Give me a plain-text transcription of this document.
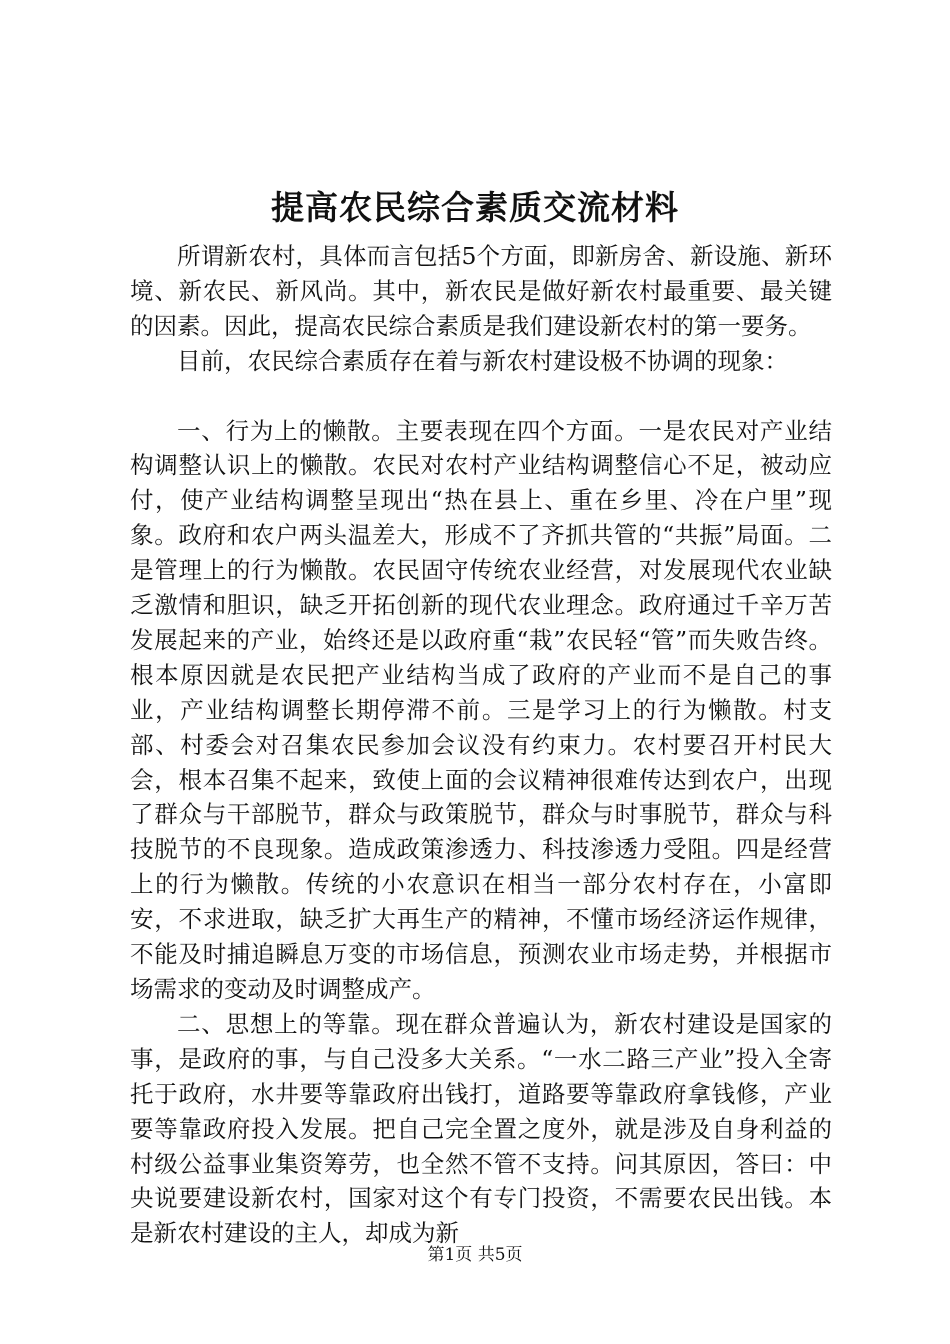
提高农民综合素质交流材料

所谓新农村，具体而言包括5个方面，即新房舍、新设施、新环境、新农民、新风尚。其中，新农民是做好新农村最重要、最关键的因素。因此，提高农民综合素质是我们建设新农村的第一要务。

目前，农民综合素质存在着与新农村建设极不协调的现象：

一、行为上的懒散。主要表现在四个方面。一是农民对产业结构调整认识上的懒散。农民对农村产业结构调整信心不足，被动应付，使产业结构调整呈现出“热在县上、重在乡里、冷在户里”现象。政府和农户两头温差大，形成不了齐抓共管的“共振”局面。二是管理上的行为懒散。农民固守传统农业经营，对发展现代农业缺乏激情和胆识，缺乏开拓创新的现代农业理念。政府通过千辛万苦发展起来的产业，始终还是以政府重“栽”农民轻“管”而失败告终。根本原因就是农民把产业结构当成了政府的产业而不是自己的事业，产业结构调整长期停滞不前。三是学习上的行为懒散。村支部、村委会对召集农民参加会议没有约束力。农村要召开村民大会，根本召集不起来，致使上面的会议精神很难传达到农户，出现了群众与干部脱节，群众与政策脱节，群众与时事脱节，群众与科技脱节的不良现象。造成政策渗透力、科技渗透力受阻。四是经营上的行为懒散。传统的小农意识在相当一部分农村存在，小富即安，不求进取，缺乏扩大再生产的精神，不懂市场经济运作规律，不能及时捕追瞬息万变的市场信息，预测农业市场走势，并根据市场需求的变动及时调整成产。

二、思想上的等靠。现在群众普遍认为，新农村建设是国家的事，是政府的事，与自己没多大关系。“一水二路三产业”投入全寄托于政府，水井要等靠政府出钱打，道路要等靠政府拿钱修，产业要等靠政府投入发展。把自己完全置之度外，就是涉及自身利益的村级公益事业集资筹劳，也全然不管不支持。问其原因，答曰：中央说要建设新农村，国家对这个有专门投资，不需要农民出钱。本是新农村建设的主人，却成为新

第1页 共5页
